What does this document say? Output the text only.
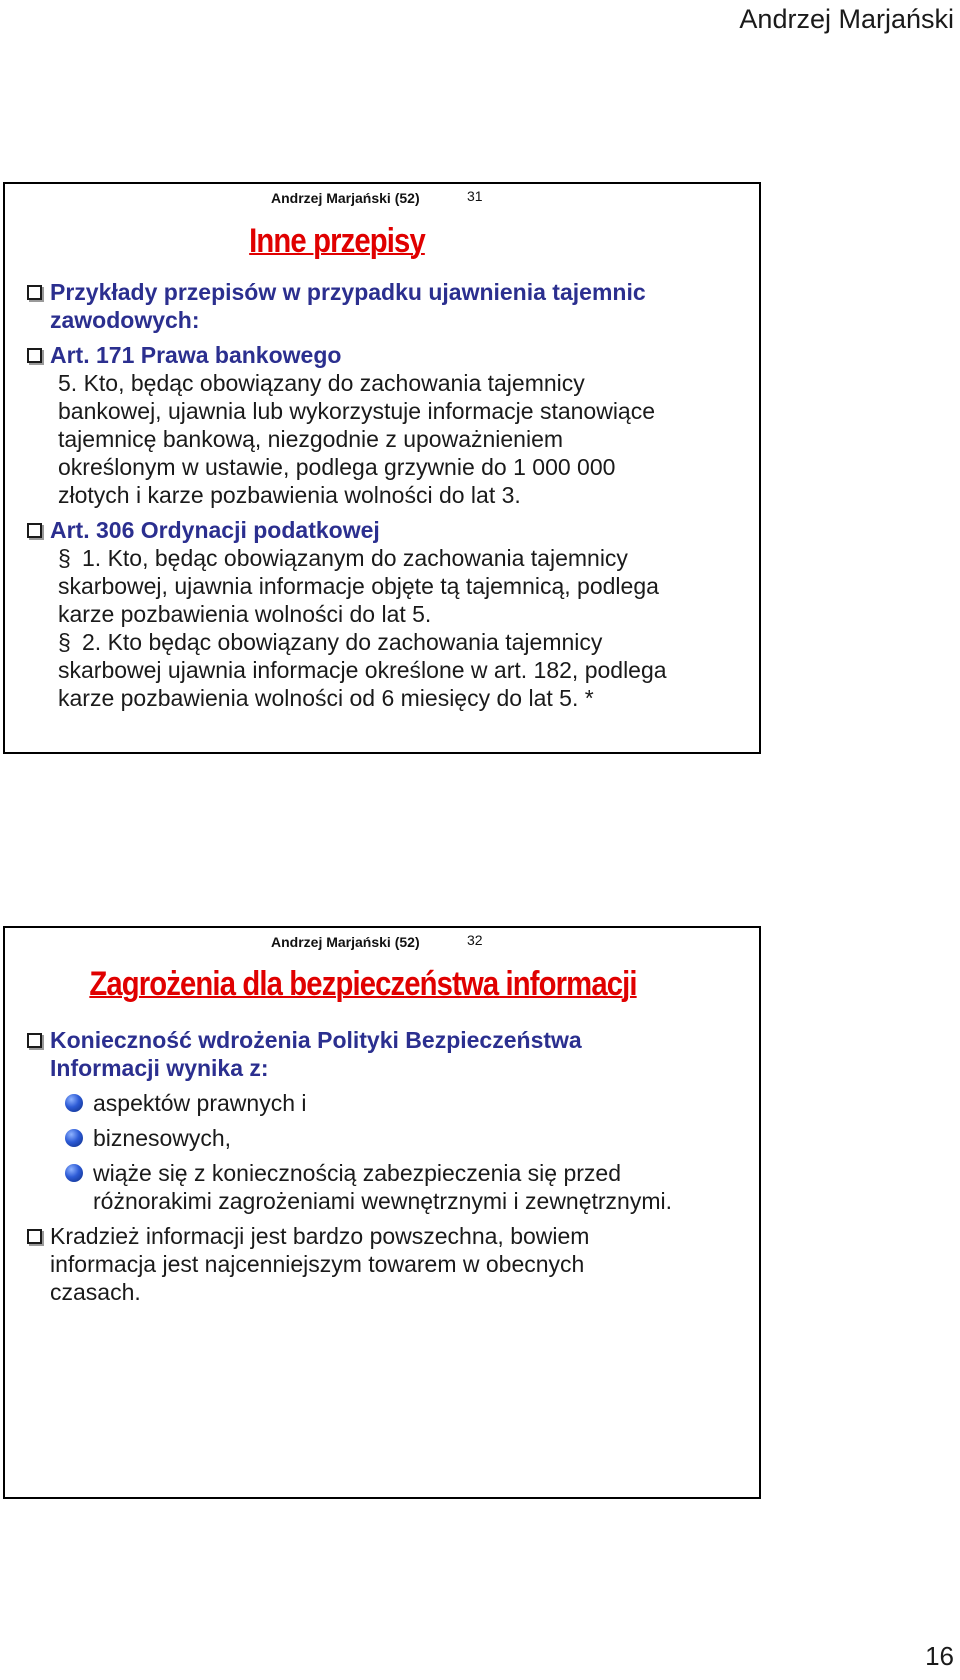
Andrzej Marjański
Andrzej Marjański (52)	31
Inne przepisy
Przykłady przepisów w przypadku ujawnienia tajemnic
zawodowych:
Art. 171 Prawa bankowego
5. Kto, będąc obowiązany do zachowania tajemnicy
bankowej, ujawnia lub wykorzystuje informacje stanowiące
tajemnicę bankową, niezgodnie z upoważnieniem
określonym w ustawie, podlega grzywnie do 1 000 000
złotych i karze pozbawienia wolności do lat 3.
Art. 306 Ordynacji podatkowej
§ 1. Kto, będąc obowiązanym do zachowania tajemnicy
skarbowej, ujawnia informacje objęte tą tajemnicą, podlega
karze pozbawienia wolności do lat 5.
§ 2. Kto będąc obowiązany do zachowania tajemnicy
skarbowej ujawnia informacje określone w art. 182, podlega
karze pozbawienia wolności od 6 miesięcy do lat 5. *
Andrzej Marjański (52)	32
Zagrożenia dla bezpieczeństwa informacji
Konieczność wdrożenia Polityki Bezpieczeństwa
Informacji wynika z:
aspektów prawnych i
biznesowych,
wiąże się z koniecznością zabezpieczenia się przed
różnorakimi zagrożeniami wewnętrznymi i zewnętrznymi.
Kradzież informacji jest bardzo powszechna, bowiem
informacja jest najcenniejszym towarem w obecnych
czasach.
16
